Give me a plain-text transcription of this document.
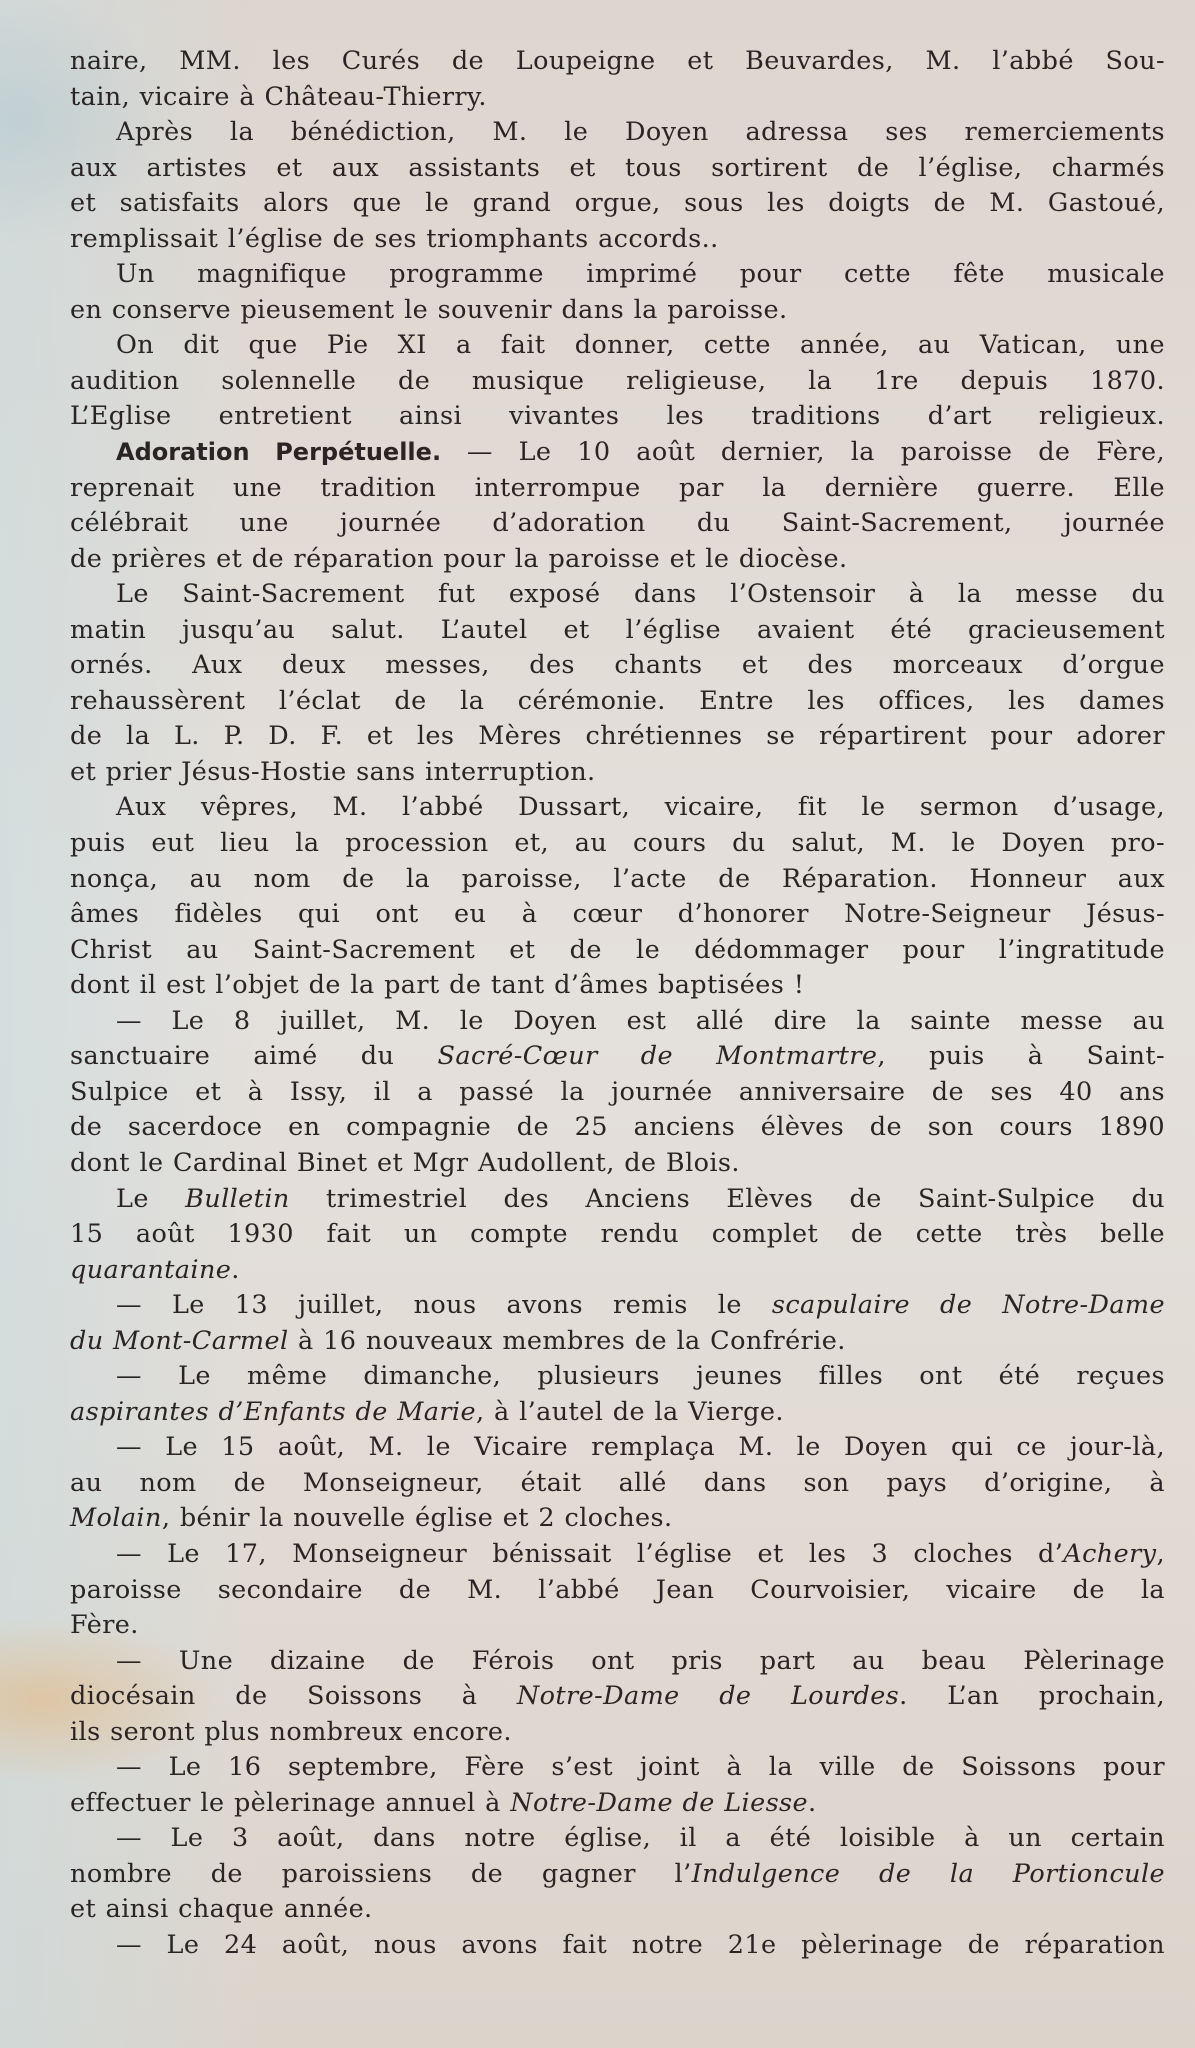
naire, MM. les Curés de Loupeigne et Beuvardes, M. l’abbé Sou-
tain, vicaire à Château-Thierry.
Après la bénédiction, M. le Doyen adressa ses remerciements
aux artistes et aux assistants et tous sortirent de l’église, charmés
et satisfaits alors que le grand orgue, sous les doigts de M. Gastoué,
remplissait l’église de ses triomphants accords..
Un magnifique programme imprimé pour cette fête musicale
en conserve pieusement le souvenir dans la paroisse.
On dit que Pie XI a fait donner, cette année, au Vatican, une
audition solennelle de musique religieuse, la 1re depuis 1870.
L’Eglise entretient ainsi vivantes les traditions d’art religieux.
Adoration Perpétuelle. — Le 10 août dernier, la paroisse de Fère,
reprenait une tradition interrompue par la dernière guerre. Elle
célébrait une journée d’adoration du Saint-Sacrement, journée
de prières et de réparation pour la paroisse et le diocèse.
Le Saint-Sacrement fut exposé dans l’Ostensoir à la messe du
matin jusqu’au salut. L’autel et l’église avaient été gracieusement
ornés. Aux deux messes, des chants et des morceaux d’orgue
rehaussèrent l’éclat de la cérémonie. Entre les offices, les dames
de la L. P. D. F. et les Mères chrétiennes se répartirent pour adorer
et prier Jésus-Hostie sans interruption.
Aux vêpres, M. l’abbé Dussart, vicaire, fit le sermon d’usage,
puis eut lieu la procession et, au cours du salut, M. le Doyen pro-
nonça, au nom de la paroisse, l’acte de Réparation. Honneur aux
âmes fidèles qui ont eu à cœur d’honorer Notre-Seigneur Jésus-
Christ au Saint-Sacrement et de le dédommager pour l’ingratitude
dont il est l’objet de la part de tant d’âmes baptisées !
— Le 8 juillet, M. le Doyen est allé dire la sainte messe au
sanctuaire aimé du Sacré-Cœur de Montmartre, puis à Saint-
Sulpice et à Issy, il a passé la journée anniversaire de ses 40 ans
de sacerdoce en compagnie de 25 anciens élèves de son cours 1890
dont le Cardinal Binet et Mgr Audollent, de Blois.
Le Bulletin trimestriel des Anciens Elèves de Saint-Sulpice du
15 août 1930 fait un compte rendu complet de cette très belle
quarantaine.
— Le 13 juillet, nous avons remis le scapulaire de Notre-Dame
du Mont-Carmel à 16 nouveaux membres de la Confrérie.
— Le même dimanche, plusieurs jeunes filles ont été reçues
aspirantes d’Enfants de Marie, à l’autel de la Vierge.
— Le 15 août, M. le Vicaire remplaça M. le Doyen qui ce jour-là,
au nom de Monseigneur, était allé dans son pays d’origine, à
Molain, bénir la nouvelle église et 2 cloches.
— Le 17, Monseigneur bénissait l’église et les 3 cloches d’Achery,
paroisse secondaire de M. l’abbé Jean Courvoisier, vicaire de la
Fère.
— Une dizaine de Férois ont pris part au beau Pèlerinage
diocésain de Soissons à Notre-Dame de Lourdes. L’an prochain,
ils seront plus nombreux encore.
— Le 16 septembre, Fère s’est joint à la ville de Soissons pour
effectuer le pèlerinage annuel à Notre-Dame de Liesse.
— Le 3 août, dans notre église, il a été loisible à un certain
nombre de paroissiens de gagner l’Indulgence de la Portioncule
et ainsi chaque année.
— Le 24 août, nous avons fait notre 21e pèlerinage de réparation
